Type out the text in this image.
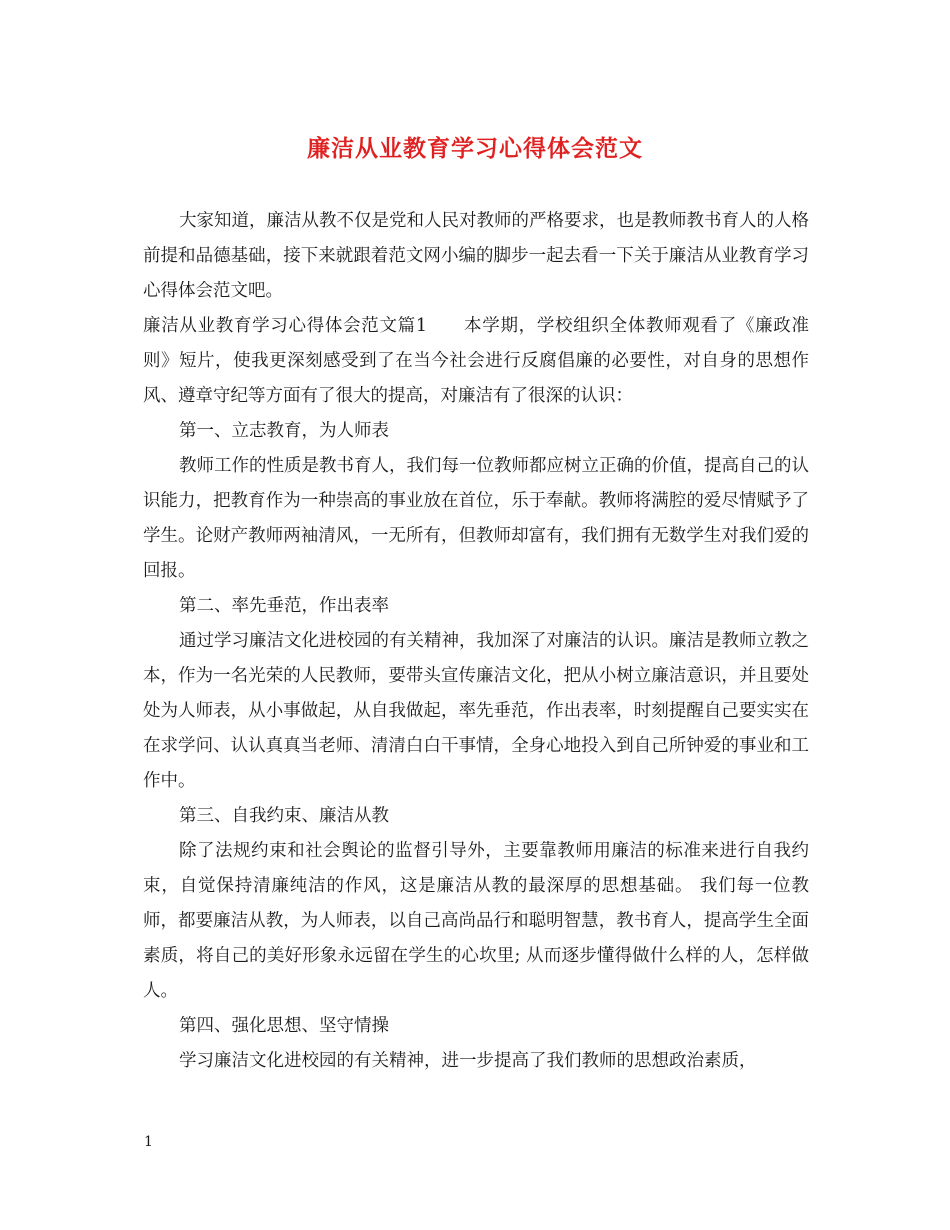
廉洁从业教育学习心得体会范文

大家知道，廉洁从教不仅是党和人民对教师的严格要求，也是教师教书育人的人格前提和品德基础，接下来就跟着范文网小编的脚步一起去看一下关于廉洁从业教育学习心得体会范文吧。

廉洁从业教育学习心得体会范文篇1　　本学期，学校组织全体教师观看了《廉政准则》短片，使我更深刻感受到了在当今社会进行反腐倡廉的必要性，对自身的思想作风、遵章守纪等方面有了很大的提高，对廉洁有了很深的认识：

第一、立志教育，为人师表

教师工作的性质是教书育人，我们每一位教师都应树立正确的价值，提高自己的认识能力，把教育作为一种崇高的事业放在首位，乐于奉献。教师将满腔的爱尽情赋予了学生。论财产教师两袖清风，一无所有，但教师却富有，我们拥有无数学生对我们爱的回报。

第二、率先垂范，作出表率

通过学习廉洁文化进校园的有关精神，我加深了对廉洁的认识。廉洁是教师立教之本，作为一名光荣的人民教师，要带头宣传廉洁文化，把从小树立廉洁意识，并且要处处为人师表，从小事做起，从自我做起，率先垂范，作出表率，时刻提醒自己要实实在在求学问、认认真真当老师、清清白白干事情，全身心地投入到自己所钟爱的事业和工作中。

第三、自我约束、廉洁从教

除了法规约束和社会舆论的监督引导外，主要靠教师用廉洁的标准来进行自我约束，自觉保持清廉纯洁的作风，这是廉洁从教的最深厚的思想基础。 我们每一位教师，都要廉洁从教，为人师表，以自己高尚品行和聪明智慧，教书育人，提高学生全面素质，将自己的美好形象永远留在学生的心坎里; 从而逐步懂得做什么样的人，怎样做人。

第四、强化思想、坚守情操

学习廉洁文化进校园的有关精神，进一步提高了我们教师的思想政治素质，

1
